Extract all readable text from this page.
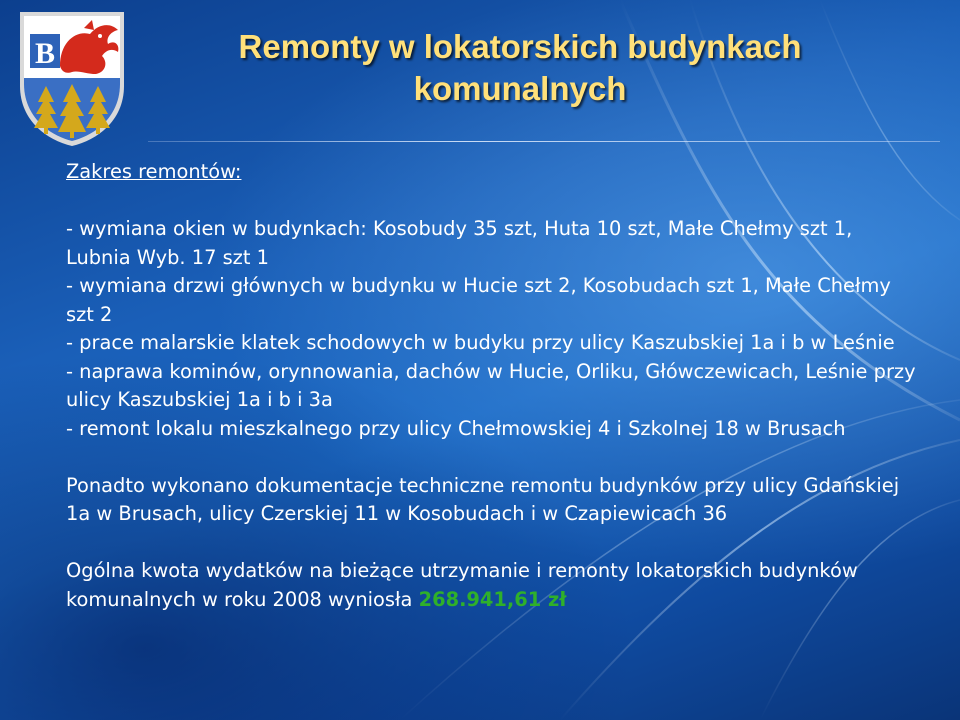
B	Remonty w lokatorskich budynkach
komunalnych
Zakres remontów:
- wymiana okien w budynkach: Kosobudy 35 szt, Huta 10 szt, Małe Chełmy szt 1, Lubnia Wyb. 17 szt 1
- wymiana drzwi głównych w budynku w Hucie szt 2, Kosobudach szt 1, Małe Chełmy szt 2
- prace malarskie klatek schodowych w budyku przy ulicy Kaszubskiej 1a i b w Leśnie
- naprawa kominów, orynnowania, dachów w Hucie, Orliku, Główczewicach, Leśnie przy ulicy Kaszubskiej 1a i b i 3a
- remont lokalu mieszkalnego przy ulicy Chełmowskiej 4 i Szkolnej 18 w Brusach
Ponadto wykonano dokumentacje techniczne remontu budynków przy ulicy Gdańskiej 1a w Brusach, ulicy Czerskiej 11 w Kosobudach i w Czapiewicach 36
Ogólna kwota wydatków na bieżące utrzymanie i remonty lokatorskich budynków komunalnych w roku 2008 wyniosła 268.941,61 zł
